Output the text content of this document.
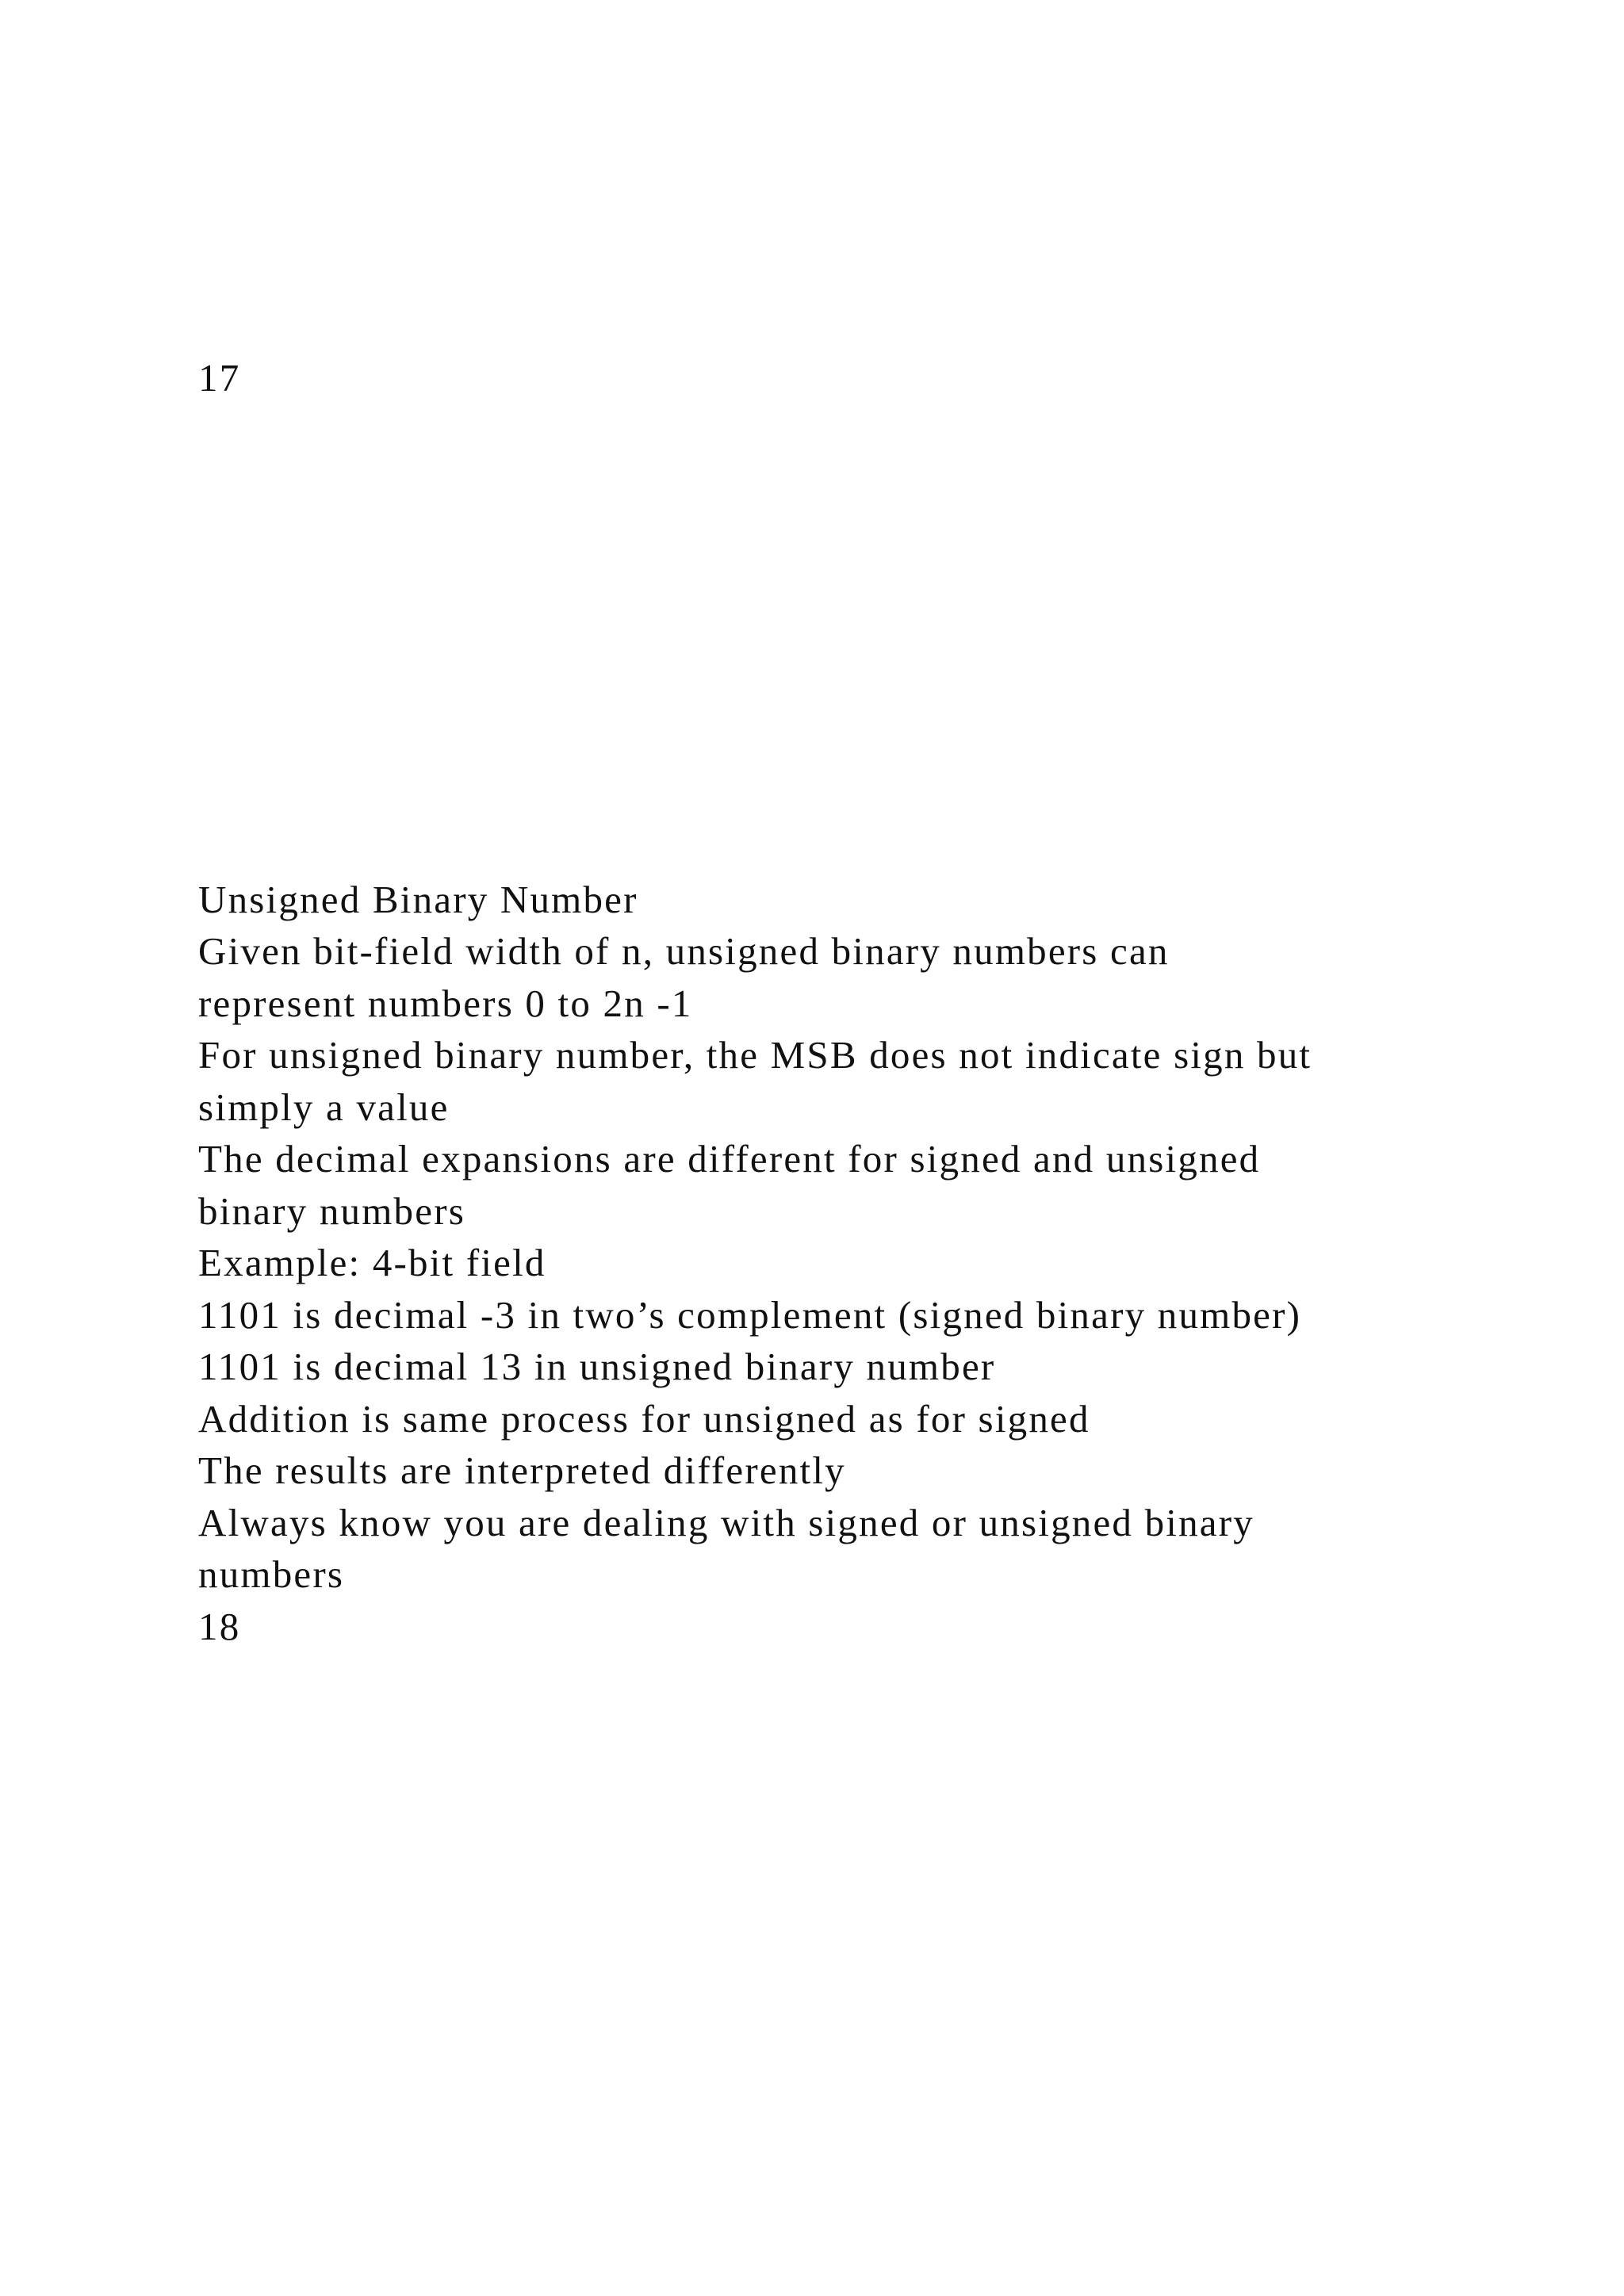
17
Unsigned Binary Number
Given bit-field width of n, unsigned binary numbers can
represent numbers 0 to 2n -1
For unsigned binary number, the MSB does not indicate sign but
simply a value
The decimal expansions are different for signed and unsigned
binary numbers
Example: 4-bit field
1101 is decimal -3 in two’s complement (signed binary number)
1101 is decimal 13 in unsigned binary number
Addition is same process for unsigned as for signed
The results are interpreted differently
Always know you are dealing with signed or unsigned binary
numbers
18
